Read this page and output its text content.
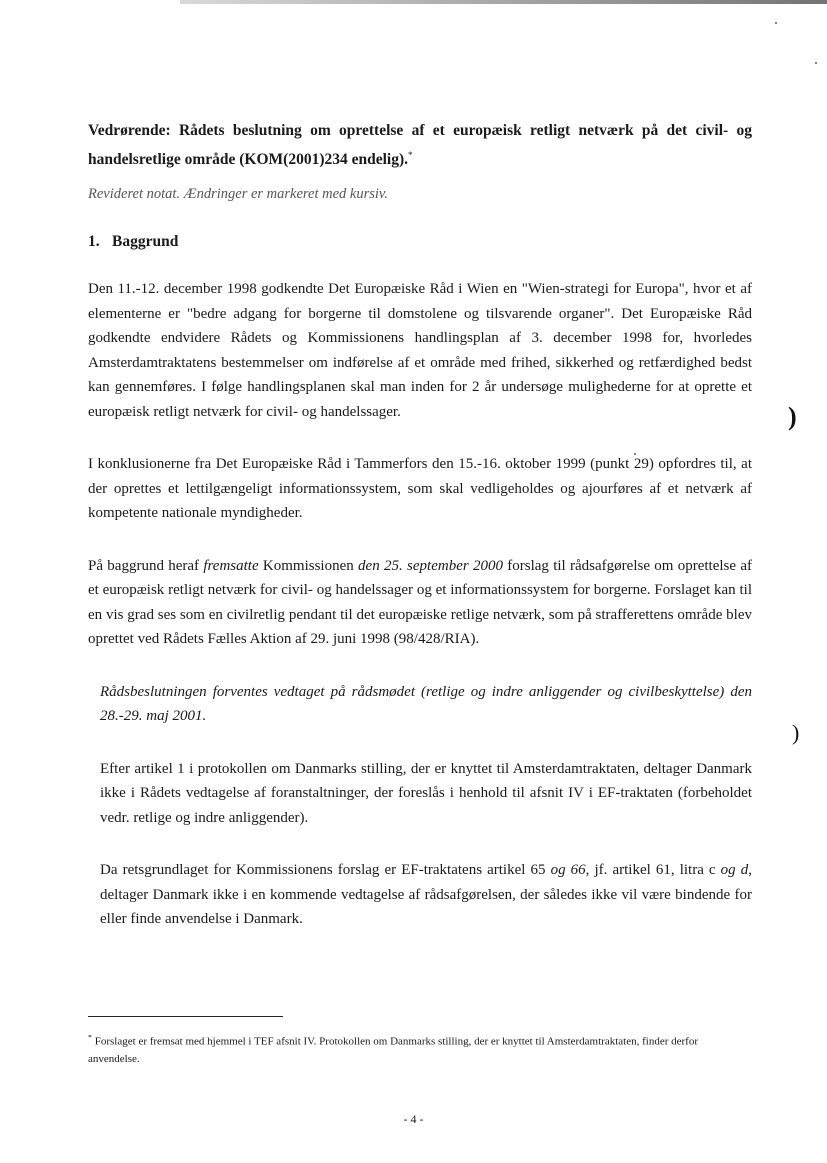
)
)

Vedrørende: Rådets beslutning om oprettelse af et europæisk retligt netværk på det civil- og handelsretlige område (KOM(2001)234 endelig).*

Revideret notat. Ændringer er markeret med kursiv.

1. Baggrund

Den 11.-12. december 1998 godkendte Det Europæiske Råd i Wien en "Wien-strategi for Europa", hvor et af elementerne er "bedre adgang for borgerne til domstolene og tilsvarende organer". Det Europæiske Råd godkendte endvidere Rådets og Kommissionens handlingsplan af 3. december 1998 for, hvorledes Amsterdamtraktatens bestemmelser om indførelse af et område med frihed, sikkerhed og retfærdighed bedst kan gennemføres. I følge handlingsplanen skal man inden for 2 år undersøge mulighederne for at oprette et europæisk retligt netværk for civil- og handelssager.

I konklusionerne fra Det Europæiske Råd i Tammerfors den 15.-16. oktober 1999 (punkt 29) opfordres til, at der oprettes et lettilgængeligt informationssystem, som skal vedligeholdes og ajourføres af et netværk af kompetente nationale myndigheder.

På baggrund heraf fremsatte Kommissionen den 25. september 2000 forslag til rådsafgørelse om oprettelse af et europæisk retligt netværk for civil- og handelssager og et informationssystem for borgerne. Forslaget kan til en vis grad ses som en civilretlig pendant til det europæiske retlige netværk, som på strafferettens område blev oprettet ved Rådets Fælles Aktion af 29. juni 1998 (98/428/RIA).

Rådsbeslutningen forventes vedtaget på rådsmødet (retlige og indre anliggender og civilbeskyttelse) den 28.-29. maj 2001.

Efter artikel 1 i protokollen om Danmarks stilling, der er knyttet til Amsterdamtraktaten, deltager Danmark ikke i Rådets vedtagelse af foranstaltninger, der foreslås i henhold til afsnit IV i EF-traktaten (forbeholdet vedr. retlige og indre anliggender).

Da retsgrundlaget for Kommissionens forslag er EF-traktatens artikel 65 og 66, jf. artikel 61, litra c og d, deltager Danmark ikke i en kommende vedtagelse af rådsafgørelsen, der således ikke vil være bindende for eller finde anvendelse i Danmark.

* Forslaget er fremsat med hjemmel i TEF afsnit IV. Protokollen om Danmarks stilling, der er knyttet til Amsterdamtraktaten, finder derfor anvendelse.
- 4 -
